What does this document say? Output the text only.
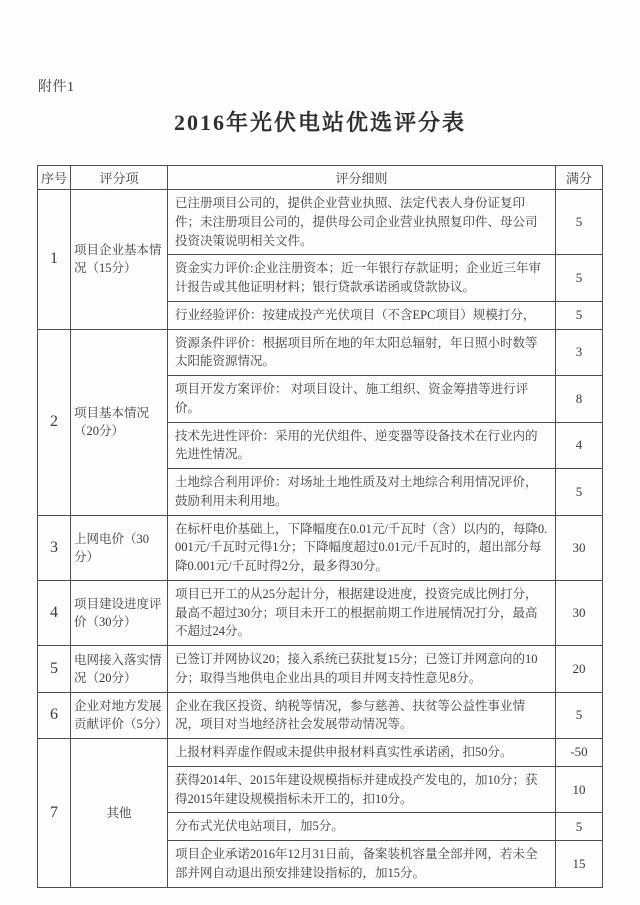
附件1
2016年光伏电站优选评分表
序号	评分项	评分细则	满分
1	项目企业基本情况（15分）	已注册项目公司的，提供企业营业执照、法定代表人身份证复印件；未注册项目公司的，提供母公司企业营业执照复印件、母公司投资决策说明相关文件。	5
		资金实力评价:企业注册资本；近一年银行存款证明；企业近三年审计报告或其他证明材料；银行贷款承诺函或贷款协议。	5
		行业经验评价：按建成投产光伏项目（不含EPC项目）规模打分，	5
2	项目基本情况（20分）	资源条件评价：根据项目所在地的年太阳总辐射，年日照小时数等太阳能资源情况。	3
		项目开发方案评价： 对项目设计、施工组织、资金筹措等进行评价。	8
		技术先进性评价：采用的光伏组件、逆变器等设备技术在行业内的先进性情况。	4
		土地综合利用评价：对场址土地性质及对土地综合利用情况评价，鼓励利用未利用地。	5
3	上网电价（30分）	在标杆电价基础上，下降幅度在0.01元/千瓦时（含）以内的，每降0.001元/千瓦时元得1分；下降幅度超过0.01元/千瓦时的，超出部分每降0.001元/千瓦时得2分，最多得30分。	30
4	项目建设进度评价（30分）	项目已开工的从25分起计分，根据建设进度，投资完成比例打分，最高不超过30分；项目未开工的根据前期工作进展情况打分，最高不超过24分。	30
5	电网接入落实情况（20分）	已签订并网协议20；接入系统已获批复15分；已签订并网意向的10分；取得当地供电企业出具的项目并网支持性意见8分。	20
6	企业对地方发展贡献评价（5分）	企业在我区投资、纳税等情况，参与慈善、扶贫等公益性事业情况，项目对当地经济社会发展带动情况等。	5
7	其他	上报材料弄虚作假或未提供申报材料真实性承诺函，扣50分。	-50
		获得2014年、2015年建设规模指标并建成投产发电的，加10分；获得2015年建设规模指标未开工的，扣10分。	10
		分布式光伏电站项目，加5分。	5
		项目企业承诺2016年12月31日前，备案装机容量全部并网，若未全部并网自动退出预安排建设指标的，加15分。	15
